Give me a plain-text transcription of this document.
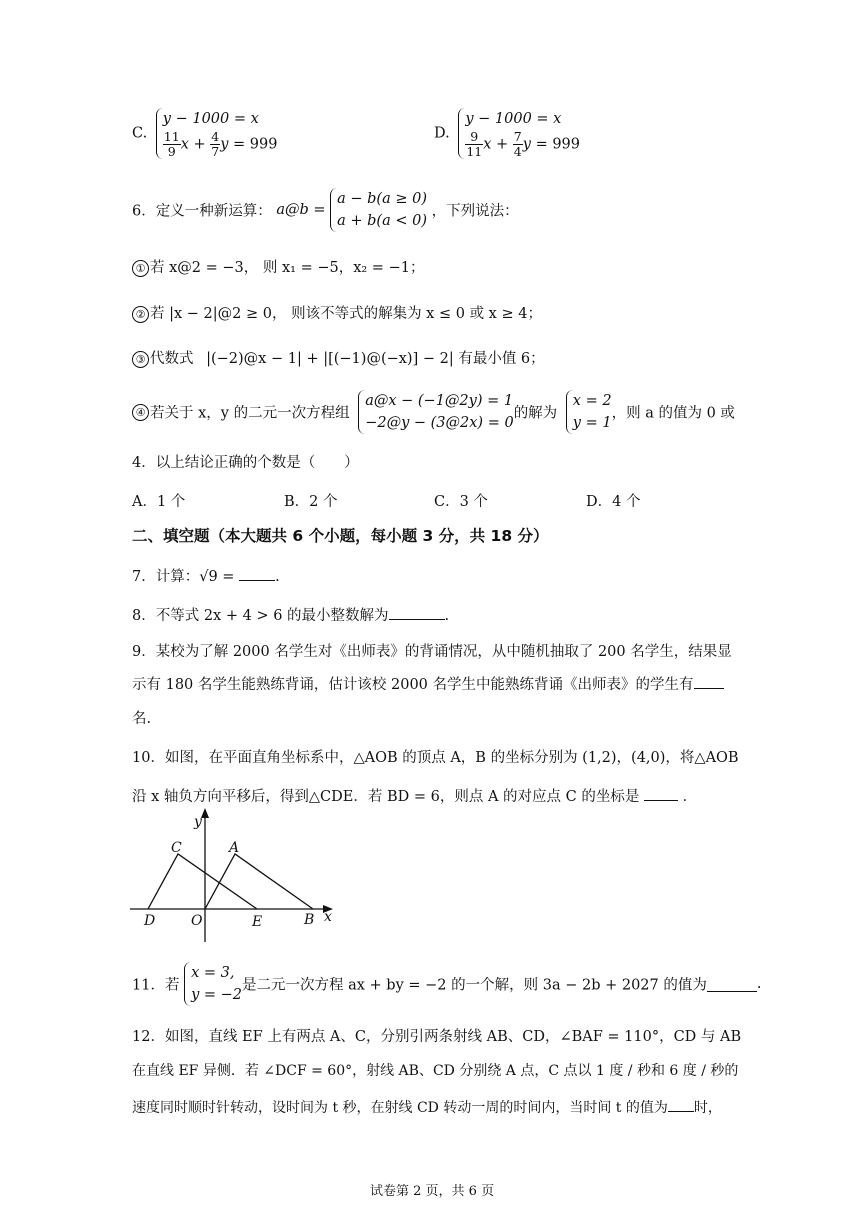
C.
y − 1000 = x
$\frac{11}{9}$ $x + \frac{4}{7}$ y = 999
D.
y − 1000 = x
$\frac{9}{11}$ $x + \frac{7}{4}$ y = 999
6．定义一种新运算： a@b =
a − b(a ≥ 0)
a + b(a < 0)
，下列说法：
① 若 x@2 = −3， 则 x₁ = −5，x₂ = −1；
② 若 |x − 2|@2 ≥ 0， 则该不等式的解集为 x ≤ 0 或 x ≥ 4；
③ 代数式 |(−2)@x − 1| + |[(−1)@(−x)] − 2| 有最小值 6；
④ 若关于 x，y 的二元一次方程组
a@x − (−1@2y) = 1
−2@y − (3@2x) = 0
的解为
x = 2
y = 1
，则 a 的值为 0 或
4．以上结论正确的个数是（　　）
A．1 个	B．2 个	C．3 个	D．4 个
二、填空题（本大题共 6 个小题，每小题 3 分，共 18 分）
7．计算：√9 =	.
8．不等式 2x + 4 > 6 的最小整数解为	.
9．某校为了解 2000 名学生对《出师表》的背诵情况，从中随机抽取了 200 名学生，结果显
示有 180 名学生能熟练背诵，估计该校 2000 名学生中能熟练背诵《出师表》的学生有
名.
10．如图，在平面直角坐标系中，△AOB 的顶点 A，B 的坐标分别为 (1,2)，(4,0)，将△AOB
沿 x 轴负方向平移后，得到△CDE．若 BD = 6，则点 A 的对应点 C 的坐标是	．
y
x
C	A
D	O	E	B
11．若
x = 3,
y = −2
是二元一次方程 ax + by = −2 的一个解，则 3a − 2b + 2027 的值为	.
12．如图，直线 EF 上有两点 A、C，分别引两条射线 AB、CD，∠BAF = 110°，CD 与 AB
在直线 EF 异侧．若 ∠DCF = 60°，射线 AB、CD 分别绕 A 点，C 点以 1 度 / 秒和 6 度 / 秒的
速度同时顺时针转动，设时间为 t 秒，在射线 CD 转动一周的时间内，当时间 t 的值为 时，
试卷第 2 页，共 6 页
